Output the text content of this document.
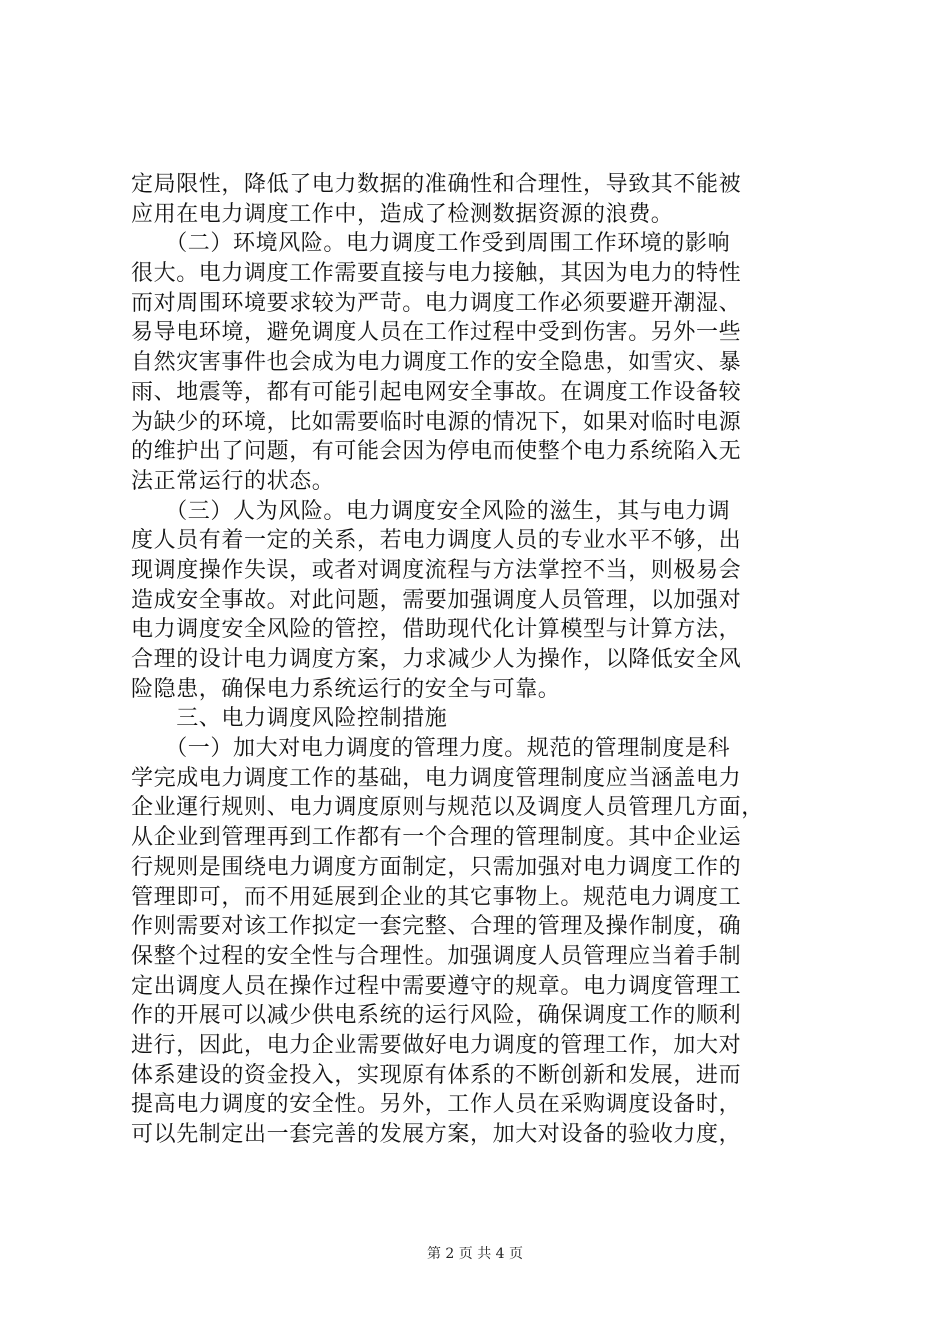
定局限性，降低了电力数据的准确性和合理性，导致其不能被
应用在电力调度工作中，造成了检测数据资源的浪费。
　　（二）环境风险。电力调度工作受到周围工作环境的影响
很大。电力调度工作需要直接与电力接触，其因为电力的特性
而对周围环境要求较为严苛。电力调度工作必须要避开潮湿、
易导电环境，避免调度人员在工作过程中受到伤害。另外一些
自然灾害事件也会成为电力调度工作的安全隐患，如雪灾、暴
雨、地震等，都有可能引起电网安全事故。在调度工作设备较
为缺少的环境，比如需要临时电源的情况下，如果对临时电源
的维护出了问题，有可能会因为停电而使整个电力系统陷入无
法正常运行的状态。
　　（三）人为风险。电力调度安全风险的滋生，其与电力调
度人员有着一定的关系，若电力调度人员的专业水平不够，出
现调度操作失误，或者对调度流程与方法掌控不当，则极易会
造成安全事故。对此问题，需要加强调度人员管理，以加强对
电力调度安全风险的管控，借助现代化计算模型与计算方法，
合理的设计电力调度方案，力求减少人为操作，以降低安全风
险隐患，确保电力系统运行的安全与可靠。
　　三、电力调度风险控制措施
　　（一）加大对电力调度的管理力度。规范的管理制度是科
学完成电力调度工作的基础，电力调度管理制度应当涵盖电力
企业運行规则、电力调度原则与规范以及调度人员管理几方面，
从企业到管理再到工作都有一个合理的管理制度。其中企业运
行规则是围绕电力调度方面制定，只需加强对电力调度工作的
管理即可，而不用延展到企业的其它事物上。规范电力调度工
作则需要对该工作拟定一套完整、合理的管理及操作制度，确
保整个过程的安全性与合理性。加强调度人员管理应当着手制
定出调度人员在操作过程中需要遵守的规章。电力调度管理工
作的开展可以减少供电系统的运行风险，确保调度工作的顺利
进行，因此，电力企业需要做好电力调度的管理工作，加大对
体系建设的资金投入，实现原有体系的不断创新和发展，进而
提高电力调度的安全性。另外，工作人员在采购调度设备时，
可以先制定出一套完善的发展方案，加大对设备的验收力度，
第 2 页 共 4 页
